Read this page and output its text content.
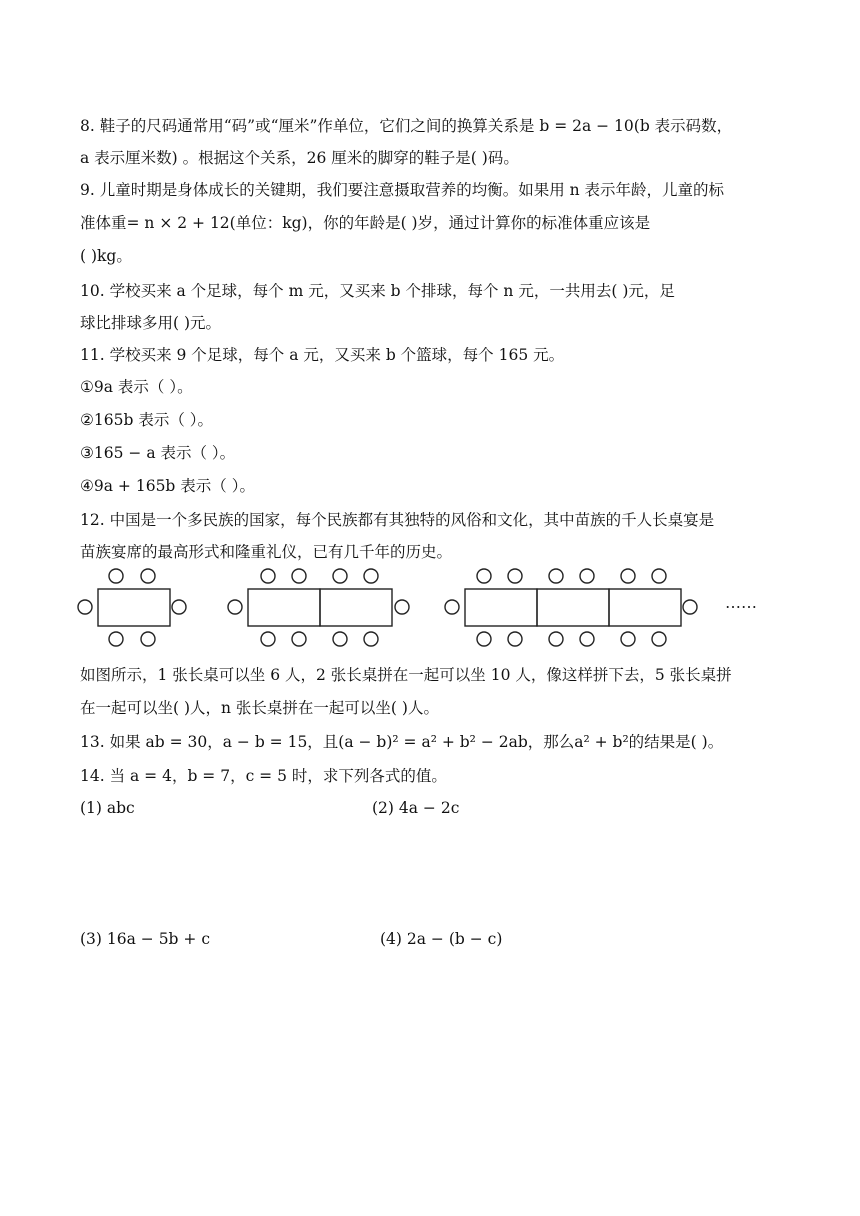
8. 鞋子的尺码通常用“码”或“厘米”作单位，它们之间的换算关系是 b = 2a − 10(b 表示码数，
a 表示厘米数) 。根据这个关系，26 厘米的脚穿的鞋子是( )码。
9. 儿童时期是身体成长的关键期，我们要注意摄取营养的均衡。如果用 n 表示年龄，儿童的标
准体重= n × 2 + 12(单位：kg)，你的年龄是( )岁，通过计算你的标准体重应该是
( )kg。
10. 学校买来 a 个足球，每个 m 元，又买来 b 个排球，每个 n 元，一共用去( )元，足
球比排球多用( )元。
11. 学校买来 9 个足球，每个 a 元，又买来 b 个篮球，每个 165 元。
①9a 表示（ ）。
②165b 表示（ ）。
③165 − a 表示（ ）。
④9a + 165b 表示（ ）。
12. 中国是一个多民族的国家，每个民族都有其独特的风俗和文化，其中苗族的千人长桌宴是
苗族宴席的最高形式和隆重礼仪，已有几千年的历史。
……
如图所示，1 张长桌可以坐 6 人，2 张长桌拼在一起可以坐 10 人，像这样拼下去，5 张长桌拼
在一起可以坐( )人，n 张长桌拼在一起可以坐( )人。
13. 如果 ab = 30，a − b = 15，且(a − b)² = a² + b² − 2ab，那么a² + b²的结果是( )。
14. 当 a = 4，b = 7，c = 5 时，求下列各式的值。
(1) abc	(2) 4a − 2c
(3) 16a − 5b + c	(4) 2a − (b − c)
